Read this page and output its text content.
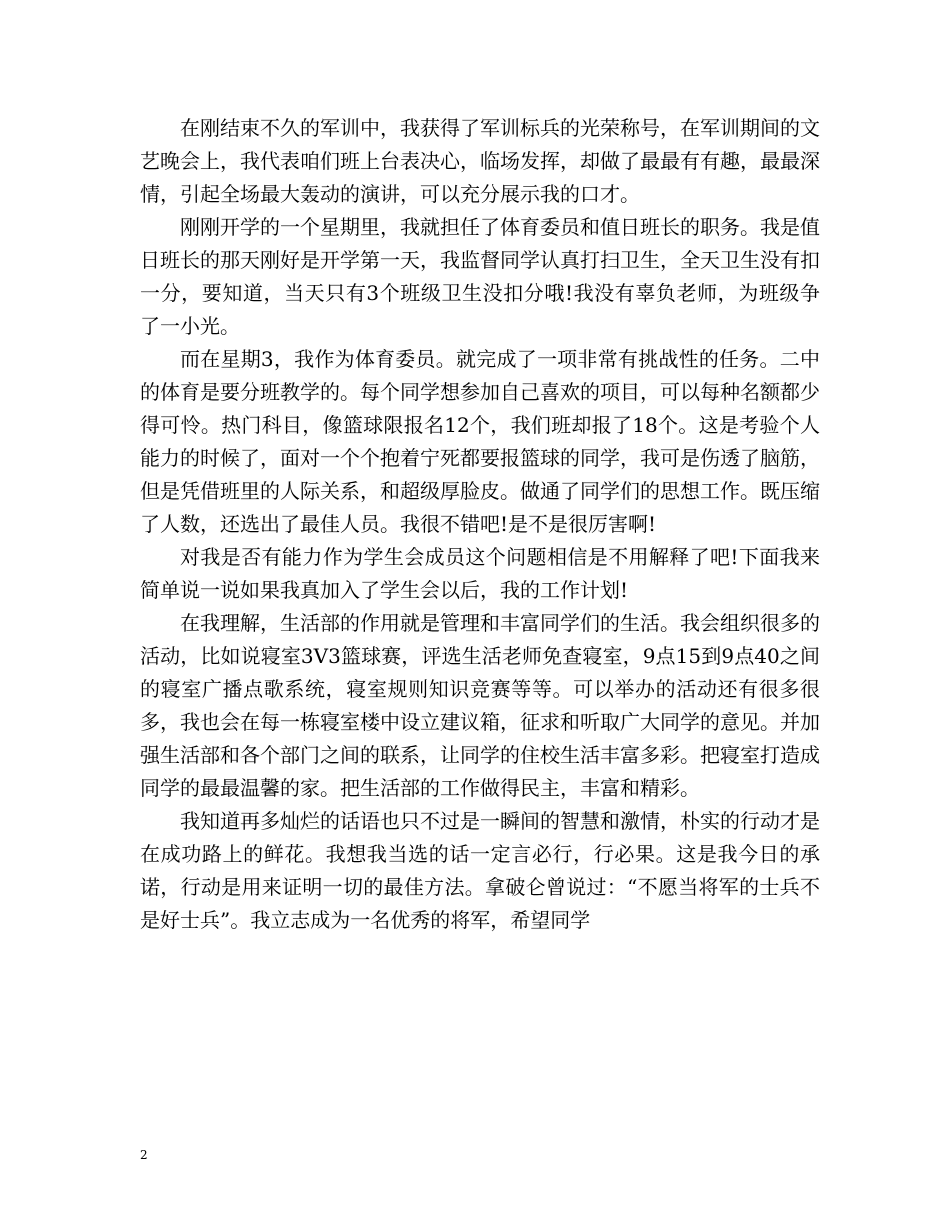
在刚结束不久的军训中，我获得了军训标兵的光荣称号，在军训期间的文艺晚会上，我代表咱们班上台表决心，临场发挥，却做了最最有有趣，最最深情，引起全场最大轰动的演讲，可以充分展示我的口才。

刚刚开学的一个星期里，我就担任了体育委员和值日班长的职务。我是值日班长的那天刚好是开学第一天，我监督同学认真打扫卫生，全天卫生没有扣一分，要知道，当天只有3个班级卫生没扣分哦!我没有辜负老师，为班级争了一小光。

而在星期3，我作为体育委员。就完成了一项非常有挑战性的任务。二中的体育是要分班教学的。每个同学想参加自己喜欢的项目，可以每种名额都少得可怜。热门科目，像篮球限报名12个，我们班却报了18个。这是考验个人能力的时候了，面对一个个抱着宁死都要报篮球的同学，我可是伤透了脑筋，但是凭借班里的人际关系，和超级厚脸皮。做通了同学们的思想工作。既压缩了人数，还选出了最佳人员。我很不错吧!是不是很厉害啊!

对我是否有能力作为学生会成员这个问题相信是不用解释了吧!下面我来简单说一说如果我真加入了学生会以后，我的工作计划!

在我理解，生活部的作用就是管理和丰富同学们的生活。我会组织很多的活动，比如说寝室3V3篮球赛，评选生活老师免查寝室，9点15到9点40之间的寝室广播点歌系统，寝室规则知识竞赛等等。可以举办的活动还有很多很多，我也会在每一栋寝室楼中设立建议箱，征求和听取广大同学的意见。并加强生活部和各个部门之间的联系，让同学的住校生活丰富多彩。把寝室打造成同学的最最温馨的家。把生活部的工作做得民主，丰富和精彩。

我知道再多灿烂的话语也只不过是一瞬间的智慧和激情，朴实的行动才是在成功路上的鲜花。我想我当选的话一定言必行，行必果。这是我今日的承诺，行动是用来证明一切的最佳方法。拿破仑曾说过：“不愿当将军的士兵不是好士兵”。我立志成为一名优秀的将军，希望同学

2
